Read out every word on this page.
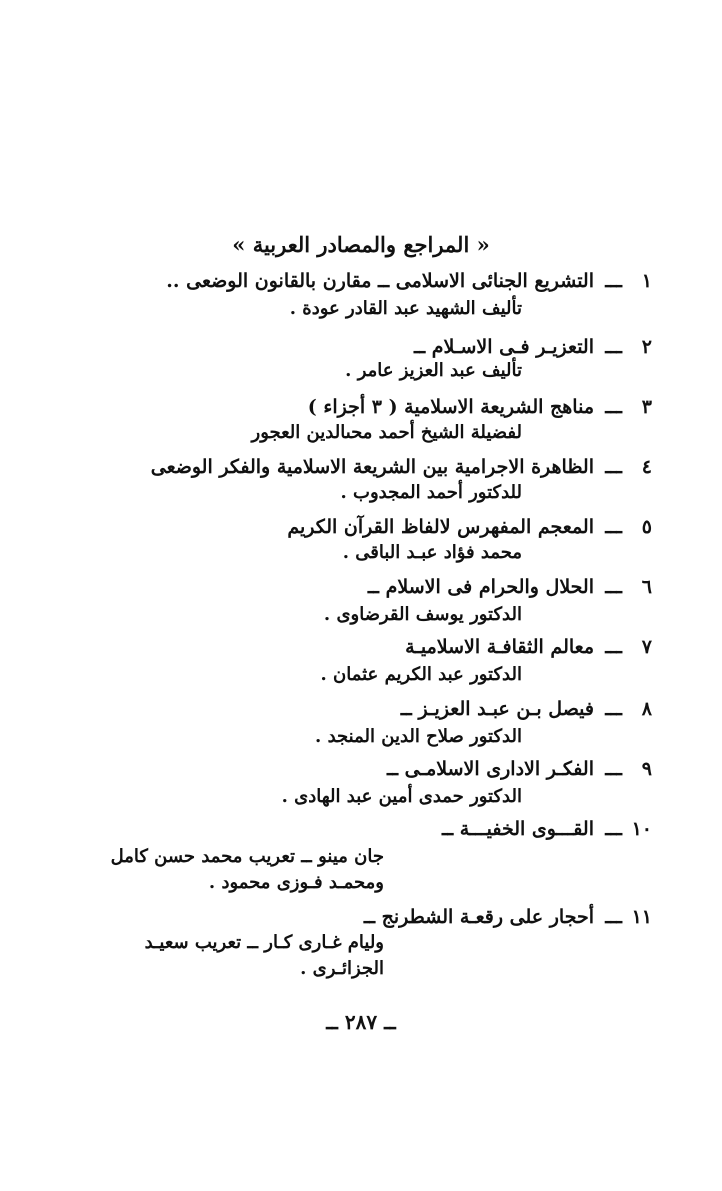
« المراجع والمصادر العربية »
١
ـــ
التشريع الجنائى الاسلامى ــ مقارن بالقانون الوضعى ..
تأليف الشهيد عبد القادر عودة .
٢
ـــ
التعزيـر فـى الاسـلام ــ
تأليف عبد العزيز عامر .
٣
ـــ
مناهج الشريعة الاسلامية ( ٣ أجزاء )
لفضيلة الشيخ أحمد محىالدين العجور
٤
ـــ
الظاهرة الاجرامية بين الشريعة الاسلامية والفكر الوضعى
للدكتور أحمد المجدوب .
٥
ـــ
المعجم المفهرس لالفاظ القرآن الكريم
محمد فؤاد عبـد الباقى .
٦
ـــ
الحلال والحرام فى الاسلام ــ
الدكتور يوسف القرضاوى .
٧
ـــ
معالم الثقافـة الاسلاميـة
الدكتور عبد الكريم عثمان .
٨
ـــ
فيصل بـن عبـد العزيـز ــ
الدكتور صلاح الدين المنجد .
٩
ـــ
الفكـر الادارى الاسلامـى ــ
الدكتور حمدى أمين عبد الهادى .
١٠
ـــ
القـــوى الخفيـــة ــ
جان مينو ــ تعريب محمد حسن كامل
ومحمـد فـوزى محمود .
١١
ـــ
أحجار على رقعـة الشطرنج ــ
وليام غـارى كـار ــ تعريب سعيـد
الجزائـرى .
ــ ٢٨٧ ــ
